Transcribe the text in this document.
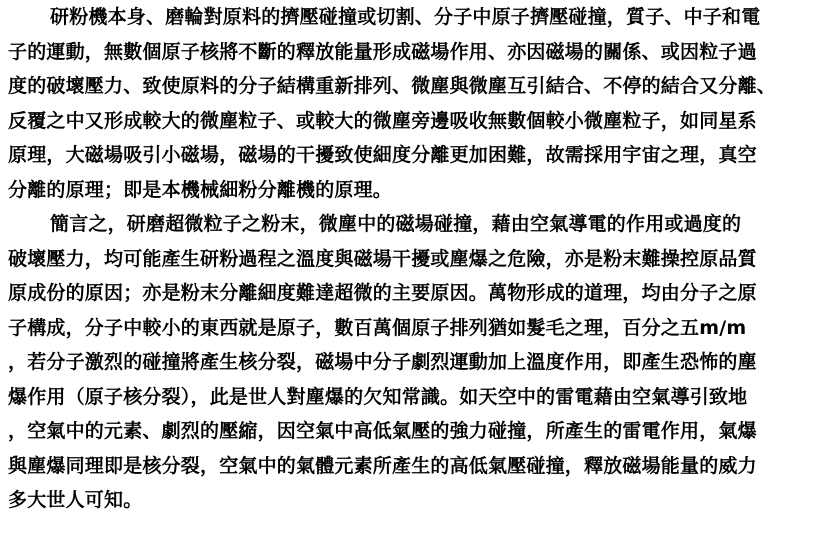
研粉機本身、磨輪對原料的擠壓碰撞或切割、分子中原子擠壓碰撞，質子、中子和電
子的運動，無數個原子核將不斷的釋放能量形成磁場作用、亦因磁場的關係、或因粒子過
度的破壞壓力、致使原料的分子結構重新排列、微塵與微塵互引結合、不停的結合又分離、
反覆之中又形成較大的微塵粒子、或較大的微塵旁邊吸收無數個較小微塵粒子，如同星系
原理，大磁場吸引小磁場，磁場的干擾致使細度分離更加困難，故需採用宇宙之理，真空
分離的原理；即是本機械細粉分離機的原理。
簡言之，研磨超微粒子之粉末，微塵中的磁場碰撞，藉由空氣導電的作用或過度的
破壞壓力，均可能產生研粉過程之溫度與磁場干擾或塵爆之危險，亦是粉末難操控原品質
原成份的原因；亦是粉末分離細度難達超微的主要原因。萬物形成的道理，均由分子之原
子構成，分子中較小的東西就是原子，數百萬個原子排列猶如髮毛之理，百分之五m/m
，若分子激烈的碰撞將產生核分裂，磁場中分子劇烈運動加上溫度作用，即產生恐怖的塵
爆作用（原子核分裂），此是世人對塵爆的欠知常識。如天空中的雷電藉由空氣導引致地
，空氣中的元素、劇烈的壓縮，因空氣中高低氣壓的強力碰撞，所產生的雷電作用，氣爆
與塵爆同理即是核分裂，空氣中的氣體元素所產生的高低氣壓碰撞，釋放磁場能量的威力
多大世人可知。
